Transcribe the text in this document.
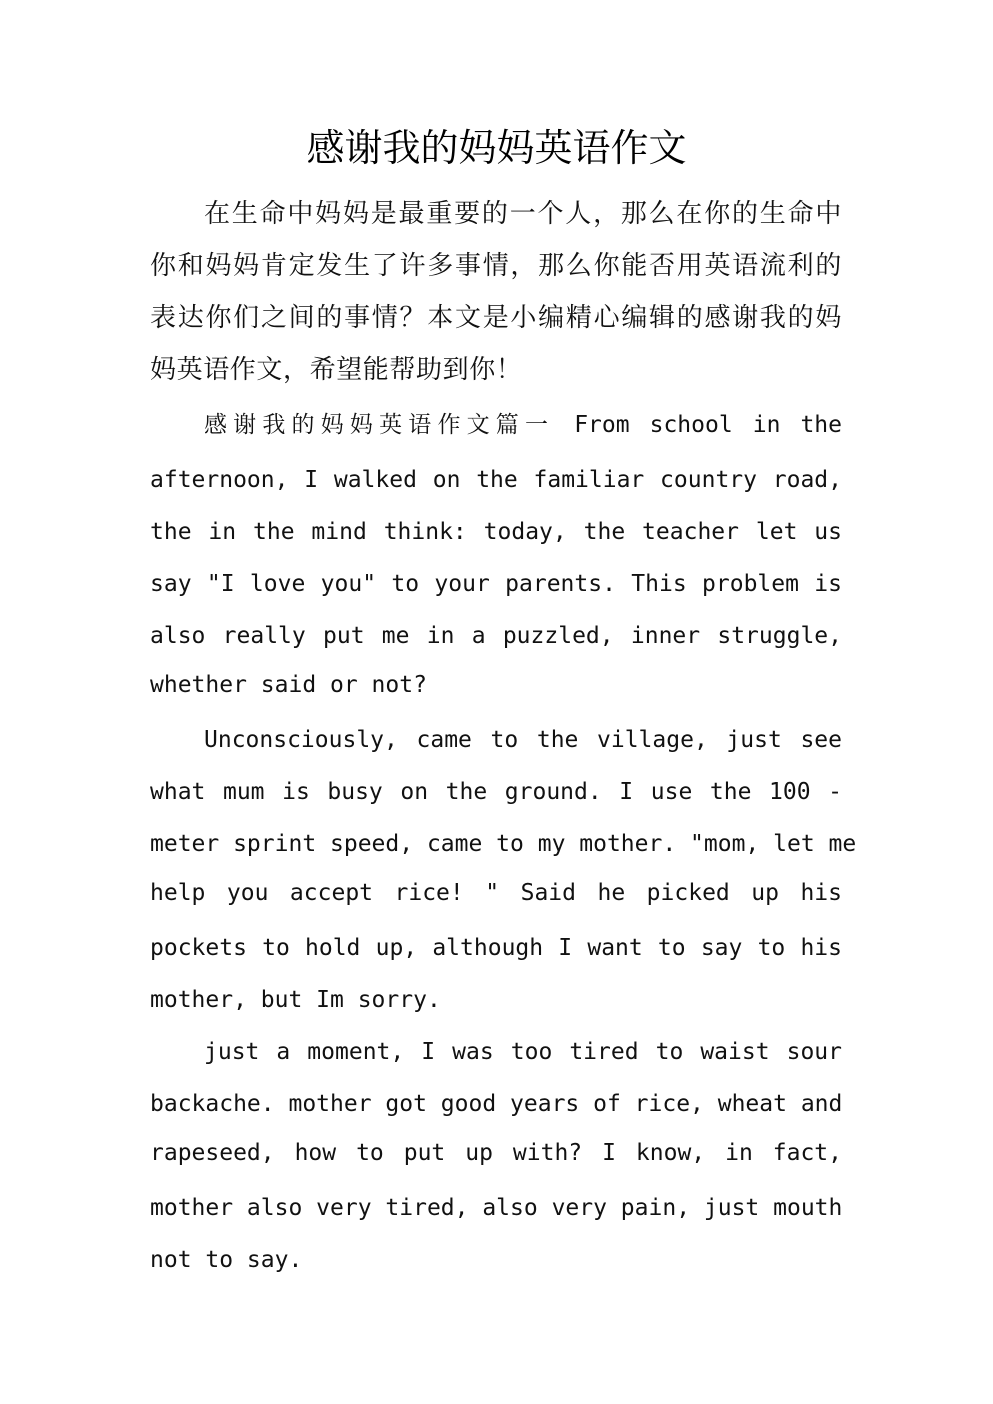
感谢我的妈妈英语作文

在生命中妈妈是最重要的一个人，那么在你的生命中

你和妈妈肯定发生了许多事情，那么你能否用英语流利的

表达你们之间的事情？本文是小编精心编辑的感谢我的妈

妈英语作文，希望能帮助到你！

感谢我的妈妈英语作文篇一 From school in the

afternoon, I walked on the familiar country road,

the in the mind think: today, the teacher let us

say "I love you" to your parents. This problem is

also really put me in a puzzled, inner struggle,

whether said or not?

Unconsciously, came to the village, just see

what mum is busy on the ground. I use the 100 -

meter sprint speed, came to my mother. "mom, let me

help you accept rice! " Said he picked up his

pockets to hold up, although I want to say to his

mother, but Im sorry.

just a moment, I was too tired to waist sour

backache. mother got good years of rice, wheat and

rapeseed, how to put up with? I know, in fact,

mother also very tired, also very pain, just mouth

not to say.
